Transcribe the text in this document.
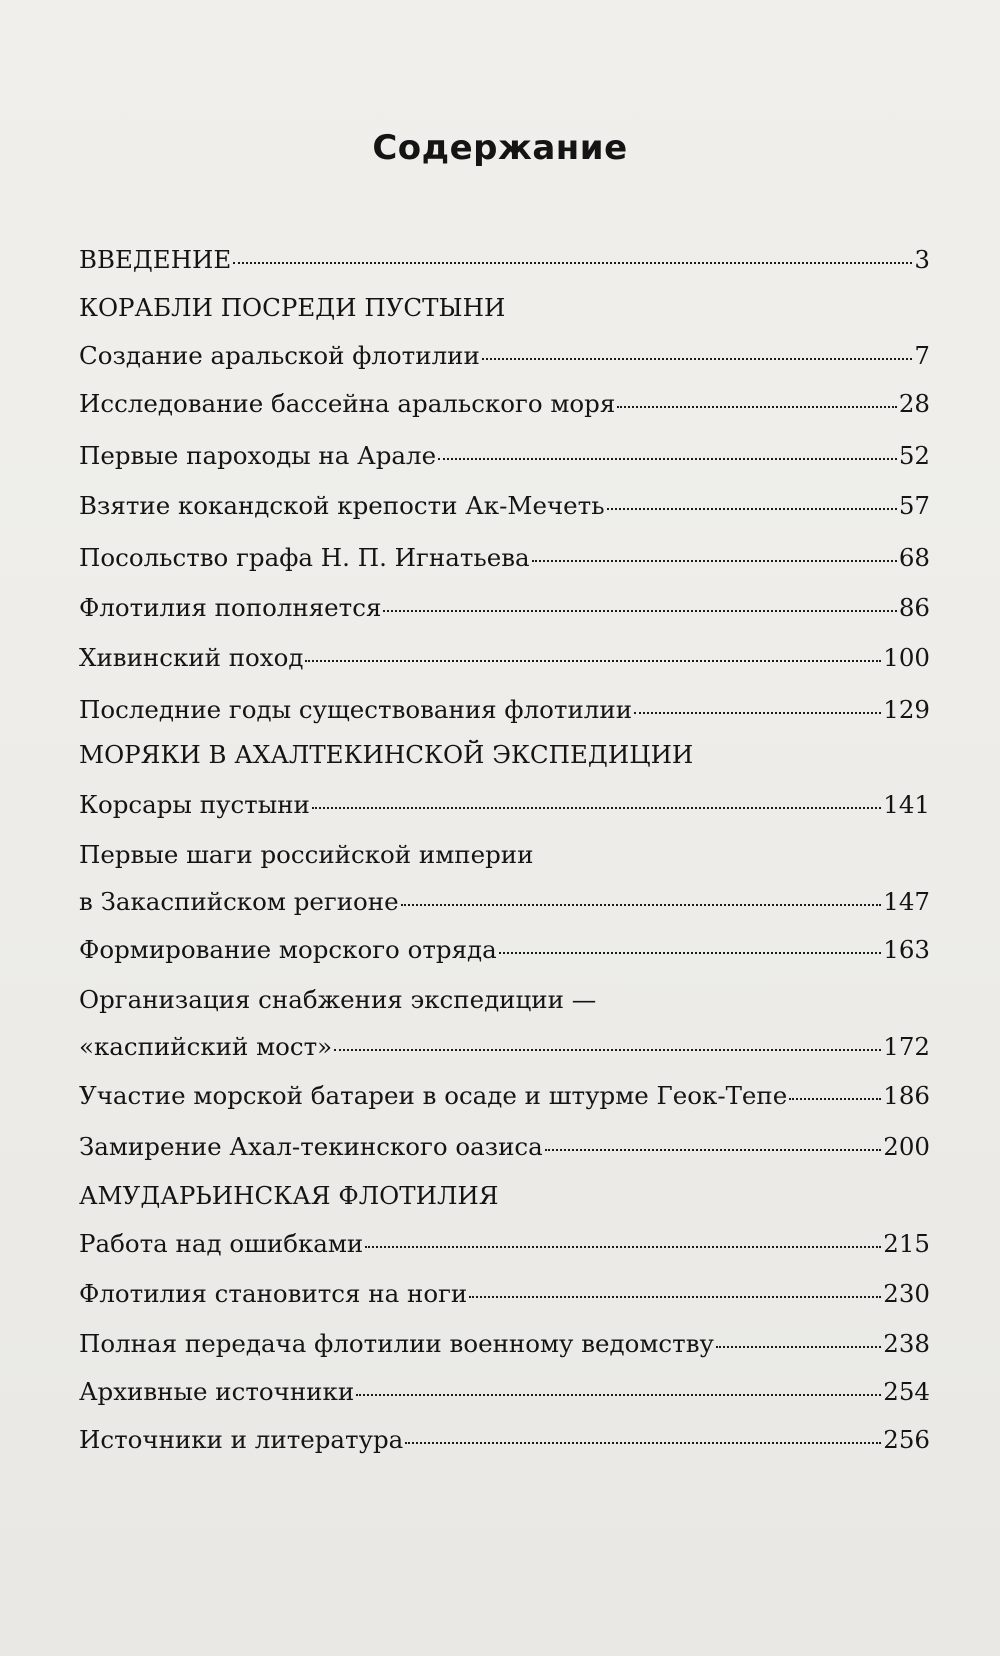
Содержание
ВВЕДЕНИЕ	3
КОРАБЛИ ПОСРЕДИ ПУСТЫНИ
Создание аральской флотилии	7
Исследование бассейна аральского моря	28
Первые пароходы на Арале	52
Взятие кокандской крепости Ак-Мечеть	57
Посольство графа Н. П. Игнатьева	68
Флотилия пополняется	86
Хивинский поход	100
Последние годы существования флотилии	129
МОРЯКИ В АХАЛТЕКИНСКОЙ ЭКСПЕДИЦИИ
Корсары пустыни	141
Первые шаги российской империи
в Закаспийском регионе	147
Формирование морского отряда	163
Организация снабжения экспедиции —
«каспийский мост»	172
Участие морской батареи в осаде и штурме Геок-Тепе	186
Замирение Ахал-текинского оазиса	200
АМУДАРЬИНСКАЯ ФЛОТИЛИЯ
Работа над ошибками	215
Флотилия становится на ноги	230
Полная передача флотилии военному ведомству	238
Архивные источники	254
Источники и литература	256
